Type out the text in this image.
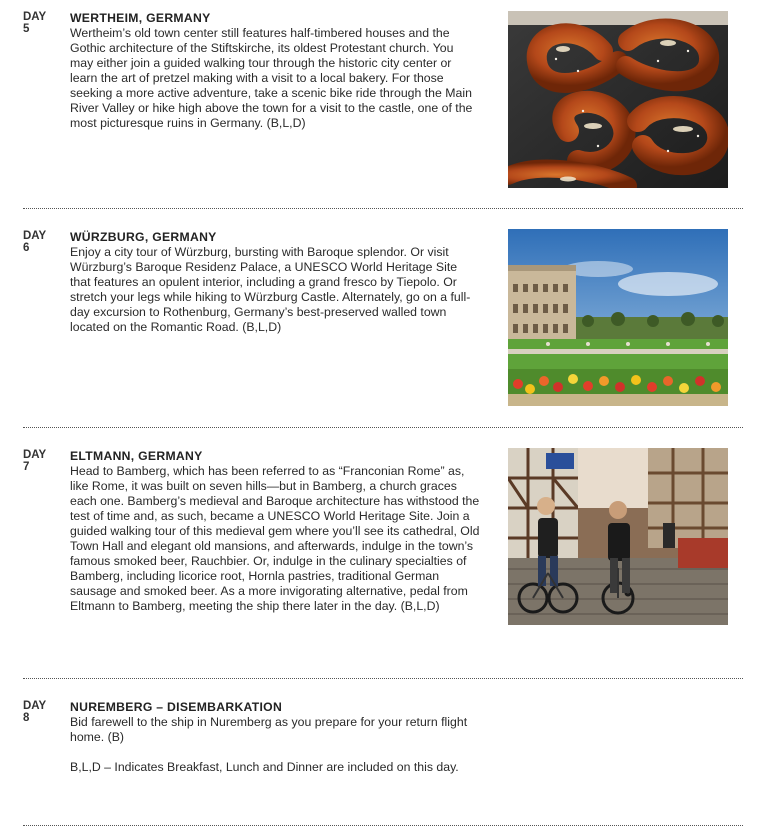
DAY
5
WERTHEIM, GERMANY

Wertheim’s old town center still features half-timbered houses and the Gothic architecture of the Stiftskirche, its oldest Protestant church. You may either join a guided walking tour through the historic city center or learn the art of pretzel making with a visit to a local bakery. For those seeking a more active adventure, take a scenic bike ride through the Main River Valley or hike high above the town for a visit to the castle, one of the most picturesque ruins in Germany. (B,L,D)

DAY
6
WÜRZBURG, GERMANY

Enjoy a city tour of Würzburg, bursting with Baroque splendor. Or visit Würzburg’s Baroque Residenz Palace, a UNESCO World Heritage Site that features an opulent interior, including a grand fresco by Tiepolo. Or stretch your legs while hiking to Würzburg Castle. Alternately, go on a full-day excursion to Rothenburg, Germany’s best-preserved walled town located on the Romantic Road. (B,L,D)

DAY
7
ELTMANN, GERMANY

Head to Bamberg, which has been referred to as “Franconian Rome” as, like Rome, it was built on seven hills—but in Bamberg, a church graces each one. Bamberg’s medieval and Baroque architecture has withstood the test of time and, as such, became a UNESCO World Heritage Site. Join a guided walking tour of this medieval gem where you’ll see its cathedral, Old Town Hall and elegant old mansions, and afterwards, indulge in the town’s famous smoked beer, Rauchbier. Or, indulge in the culinary specialties of Bamberg, including licorice root, Hornla pastries, traditional German sausage and smoked beer. As a more invigorating alternative, pedal from Eltmann to Bamberg, meeting the ship there later in the day. (B,L,D)

DAY
8
NUREMBERG – DISEMBARKATION

Bid farewell to the ship in Nuremberg as you prepare for your return flight home. (B)

B,L,D – Indicates Breakfast, Lunch and Dinner are included on this day.
